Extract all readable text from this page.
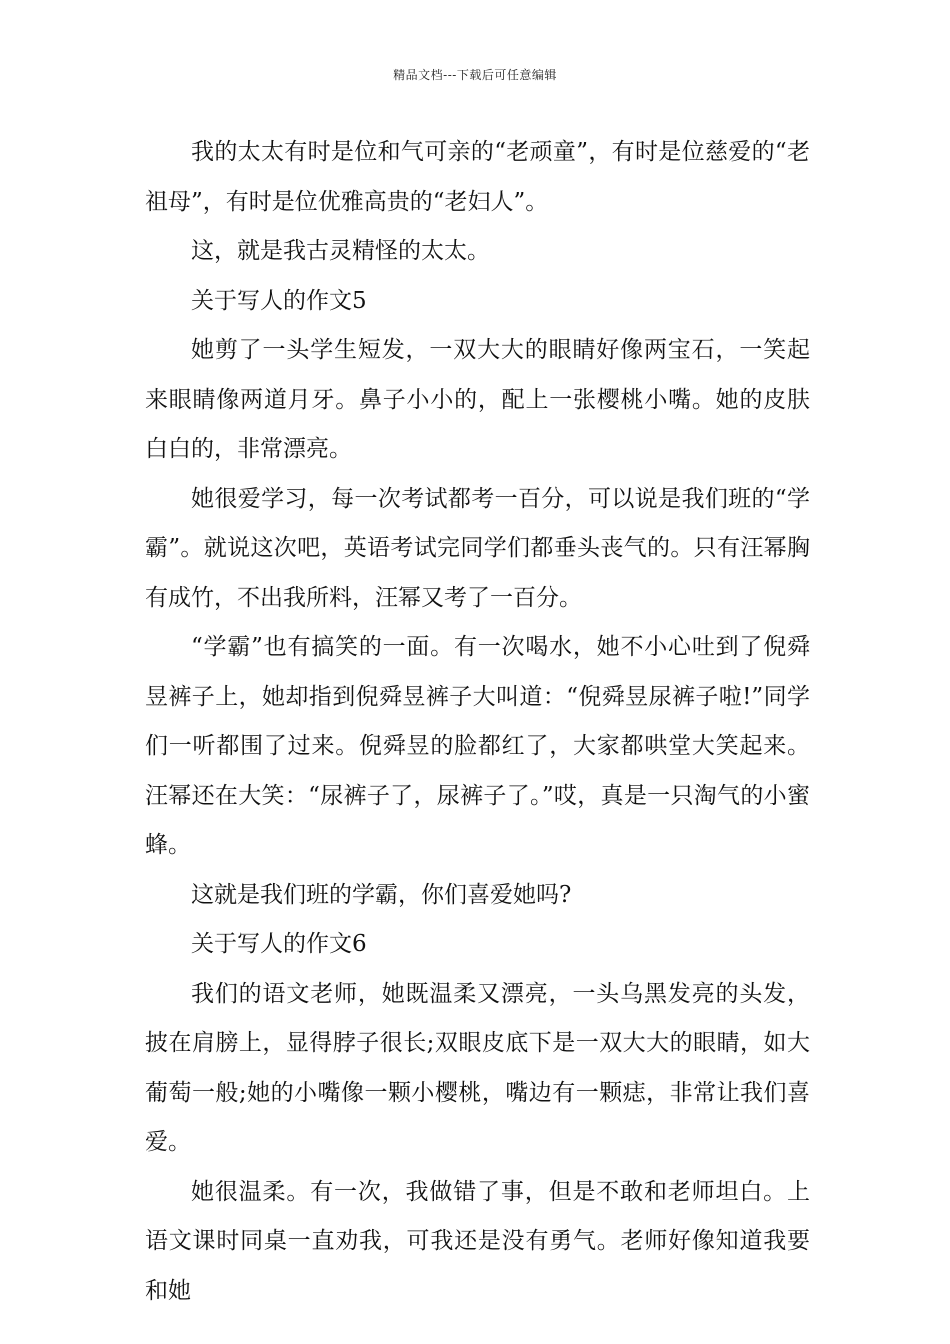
精品文档---下载后可任意编辑

我的太太有时是位和气可亲的“老顽童”，有时是位慈爱的“老祖母”，有时是位优雅高贵的“老妇人”。

这，就是我古灵精怪的太太。

关于写人的作文5

她剪了一头学生短发，一双大大的眼睛好像两宝石，一笑起来眼睛像两道月牙。鼻子小小的，配上一张樱桃小嘴。她的皮肤白白的，非常漂亮。

她很爱学习，每一次考试都考一百分，可以说是我们班的“学霸”。就说这次吧，英语考试完同学们都垂头丧气的。只有汪幂胸有成竹，不出我所料，汪幂又考了一百分。

“学霸”也有搞笑的一面。有一次喝水，她不小心吐到了倪舜昱裤子上，她却指到倪舜昱裤子大叫道：“倪舜昱尿裤子啦!”同学们一听都围了过来。倪舜昱的脸都红了，大家都哄堂大笑起来。汪幂还在大笑：“尿裤子了，尿裤子了。”哎，真是一只淘气的小蜜蜂。

这就是我们班的学霸，你们喜爱她吗?

关于写人的作文6

我们的语文老师，她既温柔又漂亮，一头乌黑发亮的头发，披在肩膀上，显得脖子很长;双眼皮底下是一双大大的眼睛，如大葡萄一般;她的小嘴像一颗小樱桃，嘴边有一颗痣，非常让我们喜爱。

她很温柔。有一次，我做错了事，但是不敢和老师坦白。上语文课时同桌一直劝我，可我还是没有勇气。老师好像知道我要和她
